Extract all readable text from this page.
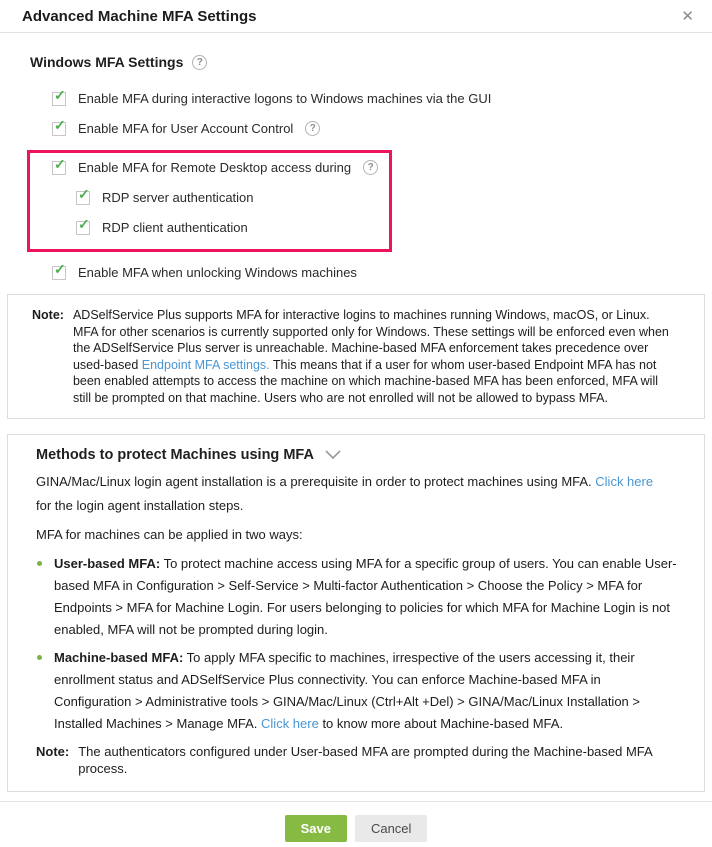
Advanced Machine MFA Settings	✕
Windows MFA Settings	?
✓ Enable MFA during interactive logons to Windows machines via the GUI
✓ Enable MFA for User Account Control	?
✓ Enable MFA for Remote Desktop access during	?
✓ RDP server authentication
✓ RDP client authentication
✓ Enable MFA when unlocking Windows machines
Note: ADSelfService Plus supports MFA for interactive logins to machines running Windows, macOS, or Linux. MFA for other scenarios is currently supported only for Windows. These settings will be enforced even when the ADSelfService Plus server is unreachable. Machine-based MFA enforcement takes precedence over used-based Endpoint MFA settings. This means that if a user for whom user-based Endpoint MFA has not been enabled attempts to access the machine on which machine-based MFA has been enforced, MFA will still be prompted on that machine. Users who are not enrolled will not be allowed to bypass MFA.
Methods to protect Machines using MFA

GINA/Mac/Linux login agent installation is a prerequisite in order to protect machines using MFA. Click here for the login agent installation steps.

MFA for machines can be applied in two ways:

User-based MFA: To protect machine access using MFA for a specific group of users. You can enable User-based MFA in Configuration > Self-Service > Multi-factor Authentication > Choose the Policy > MFA for Endpoints > MFA for Machine Login. For users belonging to policies for which MFA for Machine Login is not enabled, MFA will not be prompted during login.
Machine-based MFA: To apply MFA specific to machines, irrespective of the users accessing it, their enrollment status and ADSelfService Plus connectivity. You can enforce Machine-based MFA in Configuration > Administrative tools > GINA/Mac/Linux (Ctrl+Alt +Del) > GINA/Mac/Linux Installation > Installed Machines > Manage MFA. Click here to know more about Machine-based MFA.
Note: The authenticators configured under User-based MFA are prompted during the Machine-based MFA process.
Save	Cancel
